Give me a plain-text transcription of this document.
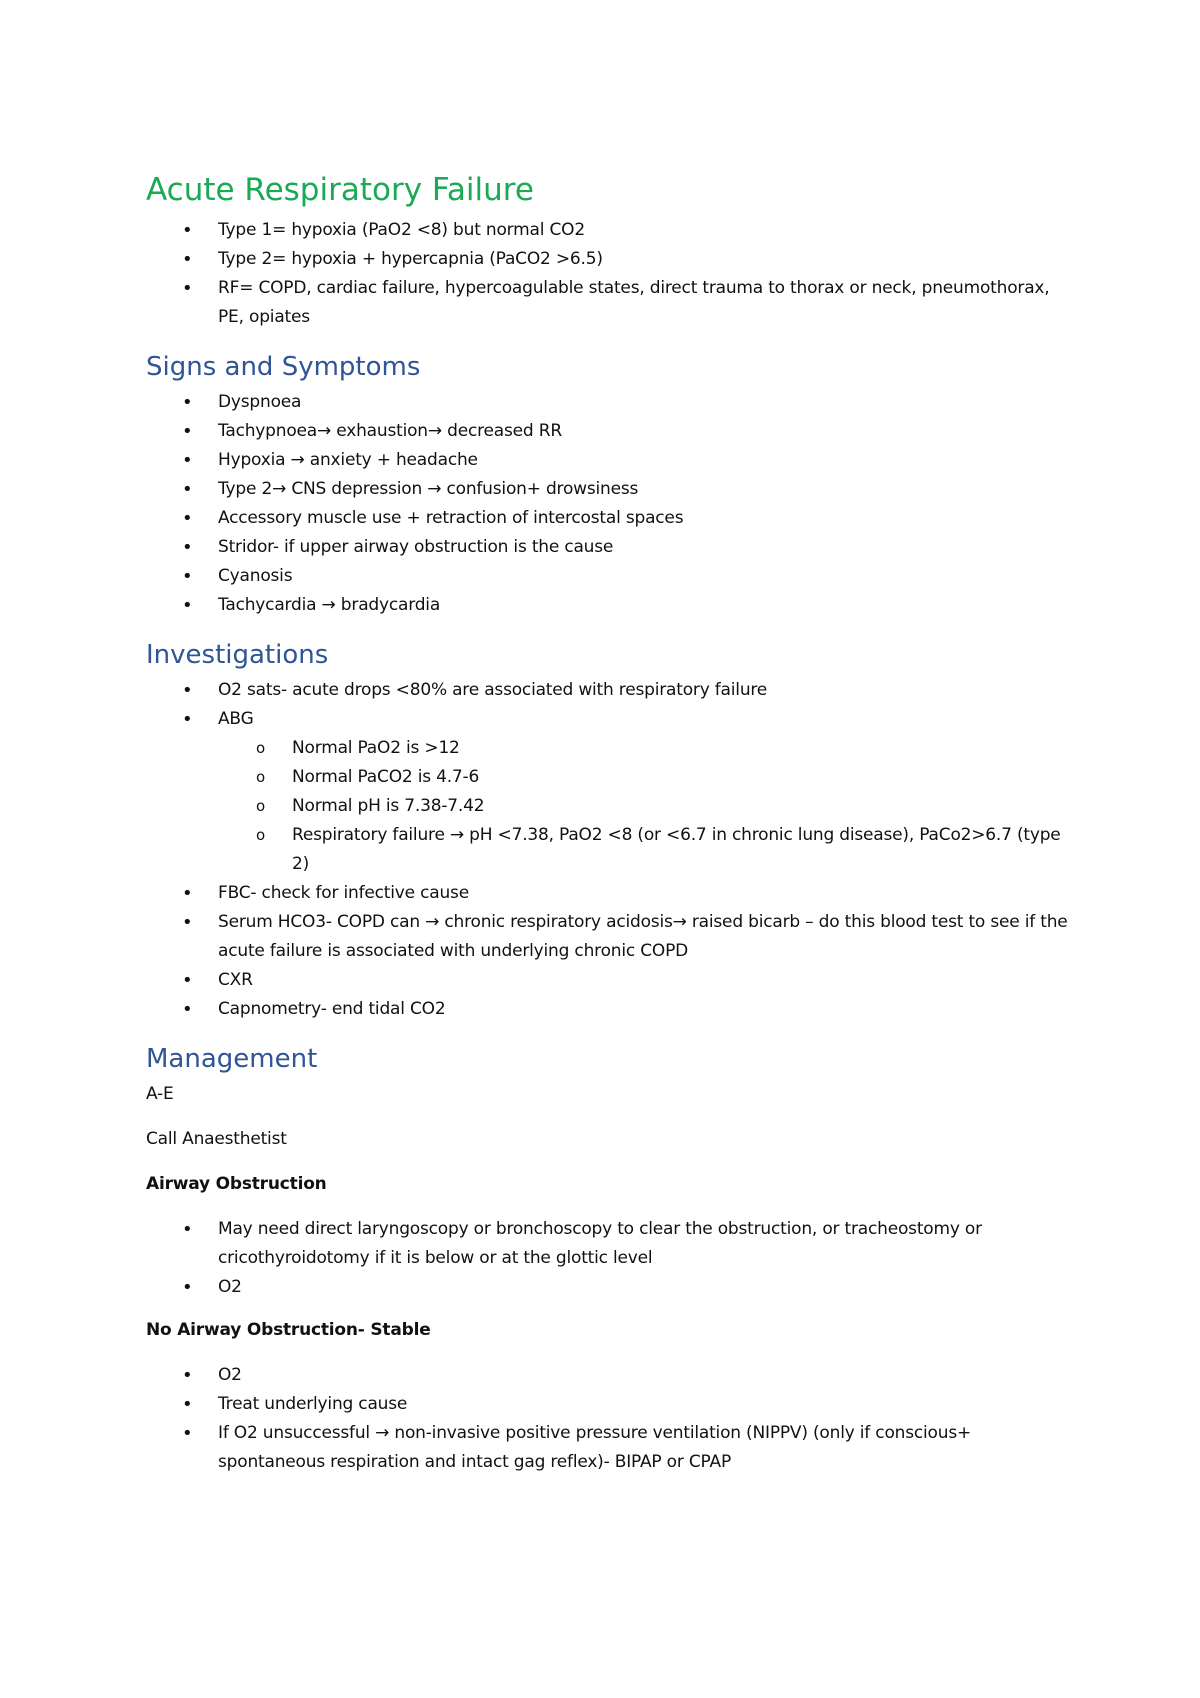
Acute Respiratory Failure
• Type 1= hypoxia (PaO2 <8) but normal CO2
• Type 2= hypoxia + hypercapnia (PaCO2 >6.5)
• RF= COPD, cardiac failure, hypercoagulable states, direct trauma to thorax or neck, pneumothorax, PE, opiates
Signs and Symptoms
• Dyspnoea
• Tachypnoea→ exhaustion→ decreased RR
• Hypoxia → anxiety + headache
• Type 2→ CNS depression → confusion+ drowsiness
• Accessory muscle use + retraction of intercostal spaces
• Stridor- if upper airway obstruction is the cause
• Cyanosis
• Tachycardia → bradycardia
Investigations
• O2 sats- acute drops <80% are associated with respiratory failure
• ABG
o Normal PaO2 is >12
o Normal PaCO2 is 4.7-6
o Normal pH is 7.38-7.42
o Respiratory failure → pH <7.38, PaO2 <8 (or <6.7 in chronic lung disease), PaCo2>6.7 (type 2)
• FBC- check for infective cause
• Serum HCO3- COPD can → chronic respiratory acidosis→ raised bicarb – do this blood test to see if the acute failure is associated with underlying chronic COPD
• CXR
• Capnometry- end tidal CO2
Management

A-E

Call Anaesthetist

Airway Obstruction

• May need direct laryngoscopy or bronchoscopy to clear the obstruction, or tracheostomy or cricothyroidotomy if it is below or at the glottic level
• O2

No Airway Obstruction- Stable

• O2
• Treat underlying cause
• If O2 unsuccessful → non-invasive positive pressure ventilation (NIPPV) (only if conscious+ spontaneous respiration and intact gag reflex)- BIPAP or CPAP
